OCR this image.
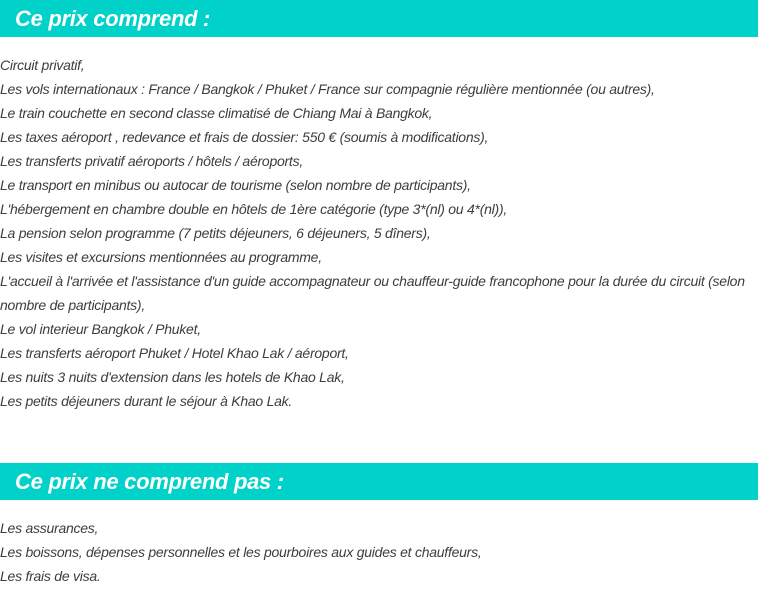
Ce prix comprend :
Circuit privatif,
Les vols internationaux : France / Bangkok / Phuket / France sur compagnie régulière mentionnée (ou autres),
Le train couchette en second classe climatisé de Chiang Mai à Bangkok,
Les taxes aéroport , redevance et frais de dossier: 550 € (soumis à modifications),
Les transferts privatif aéroports / hôtels / aéroports,
Le transport en minibus ou autocar de tourisme (selon nombre de participants),
L'hébergement en chambre double en hôtels de 1ère catégorie (type 3*(nl) ou 4*(nl)),
La pension selon programme (7 petits déjeuners, 6 déjeuners, 5 dîners),
Les visites et excursions mentionnées au programme,
L'accueil à l'arrivée et l'assistance d'un guide accompagnateur ou chauffeur-guide francophone pour la durée du circuit (selon nombre de participants),
Le vol interieur Bangkok / Phuket,
Les transferts aéroport Phuket / Hotel Khao Lak / aéroport,
Les nuits 3 nuits d'extension dans les hotels de Khao Lak,
Les petits déjeuners durant le séjour à Khao Lak.
Ce prix ne comprend pas :
Les assurances,
Les boissons, dépenses personnelles et les pourboires aux guides et chauffeurs,
Les frais de visa.
